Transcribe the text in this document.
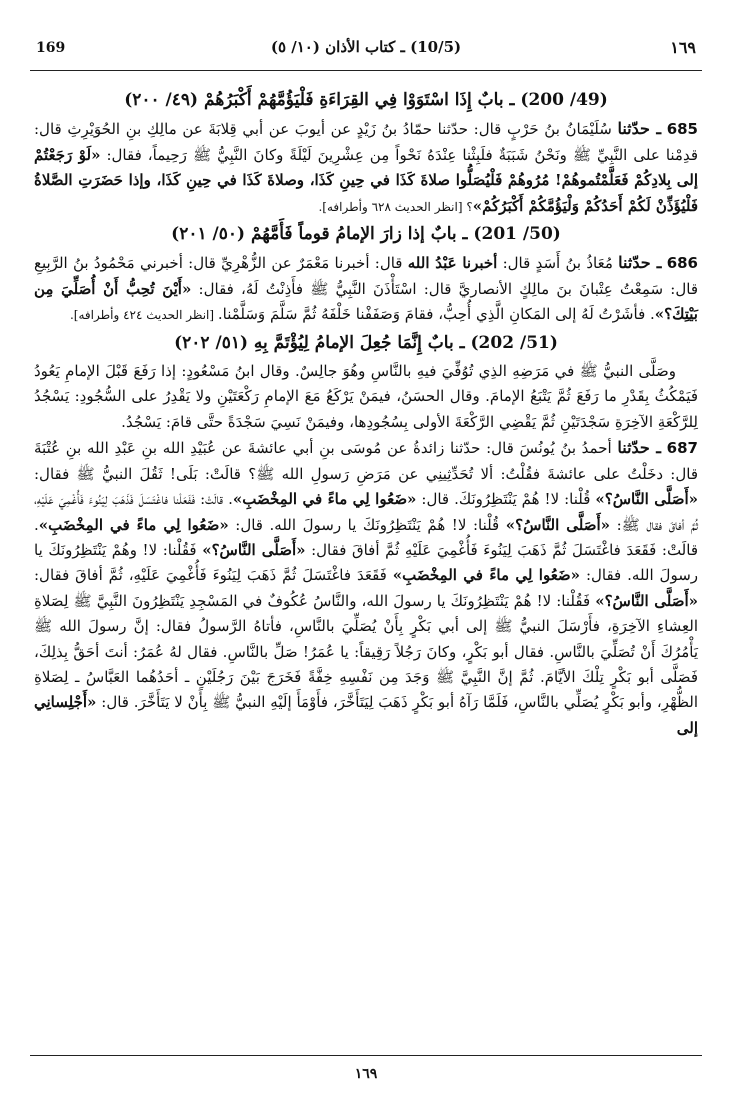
169	(10/5) ـ كتاب الأذان (١٠/ ٥)	١٦٩
(49/ 200) ـ بابٌ إِذَا اسْتَوَوْا فِي القِرَاءَةِ فَلْيَؤُمَّهُمْ أَكْبَرُهُمْ (٤٩/ ٢٠٠)

685 ـ حدّثنا سُلَيْمَانُ بنُ حَرْبٍ قال: حدّثنا حمّادُ بنُ زَيْدٍ عن أيوبَ عن أبي قِلابَةَ عن مالِكِ بنِ الحُوَيْرِثِ قال: قدِمْنا على النَّبِيِّ ﷺ ونَحْنُ شَبَبَةٌ فلَبِثْنا عِنْدَهُ نَحْواً مِن عِشْرِينَ لَيْلَةً وكانَ النَّبِيُّ ﷺ رَحِيماً، فقال: «لَوْ رَجَعْتُمْ إلى بِلادِكُمْ فَعَلَّمْتُموهُمْ! مُرُوهُمْ فَلْيُصَلُّوا صلاةَ كَذَا في حِينِ كَذَا، وصلاةَ كَذَا في حِينِ كَذَا، وإذا حَضَرَتِ الصَّلاةُ فَلْيُؤَذِّنْ لَكُمْ أَحَدُكُمْ وَلْيَؤُمَّكُمْ أَكْبَرُكُمْ»؟ [انظر الحديث ٦٢٨ وأطرافه].

(50/ 201) ـ بابٌ إذا زارَ الإمامُ قوماً فَأَمَّهُمْ (٥٠/ ٢٠١)

686 ـ حدّثنا مُعَاذُ بنُ أَسَدٍ قال: أخبرنا عَبْدُ الله قال: أخبرنا مَعْمَرٌ عن الزُّهْرِيِّ قال: أخبرني مَحْمُودُ بنُ الرَّبِيعِ قال: سَمِعْتُ عِتْبانَ بنَ مالِكٍ الأنصاريَّ قال: اسْتَأْذَنَ النَّبِيُّ ﷺ فأَذِنْتُ لَهُ، فقال: «أَيْنَ تُحِبُّ أَنْ أُصَلِّيَ مِن بَيْتِكَ؟». فأشَرْتُ لَهُ إلى المَكانِ الَّذِي أُحِبُّ، فقامَ وَصَفَفْنا خَلْفَهُ ثُمَّ سَلَّمَ وَسَلَّمْنا. [انظر الحديث ٤٢٤ وأطرافه].

(51/ 202) ـ بابٌ إِنَّمَا جُعِلَ الإمامُ لِيُؤْتَمَّ بِهِ (٥١/ ٢٠٢)

وصَلَّى النبيُّ ﷺ في مَرَضِهِ الذِي تُوُفِّيَ فيهِ بالنَّاسِ وهُوَ جالِسٌ. وقال ابنُ مَسْعُودٍ: إذا رَفَعَ قَبْلَ الإمامِ يَعُودُ فَيَمْكُثُ بِقَدْرِ ما رَفَعَ ثُمَّ يَتْبَعُ الإمامَ. وقال الحسَنُ، فيمَنْ يَرْكَعُ مَعَ الإمامِ رَكْعَتَيْنِ ولا يَقْدِرُ على السُّجُودِ: يَسْجُدُ لِلرَّكْعَةِ الآخِرَةِ سَجْدَتَيْنِ ثُمَّ يَقْضِي الرَّكْعَةَ الأولى بِسُجُودِها، وفيمَنْ نَسِيَ سَجْدَةً حتَّى قامَ: يَسْجُدُ.

687 ـ حدّثنا أحمدُ بنُ يُونُسَ قال: حدّثنا زائدةُ عن مُوسَى بنِ أبي عائشةَ عن عُبَيْدِ الله بنِ عَبْدِ الله بنِ عُتْبَةَ قال: دخَلْتُ على عائشةَ فقُلْتُ: ألا تُحَدِّثِينِي عن مَرَضِ رَسولِ الله ﷺ؟ قالَتْ: بَلَى! ثَقُلَ النبيُّ ﷺ فقال: «أَصَلَّى النَّاسُ؟» قُلْنا: لا! هُمْ يَنْتَظِرُونَكَ. قال: «ضَعُوا لِي ماءً في المِخْضَبِ». قالَتْ: فَفَعَلْنا فاغْتَسَلَ فَذَهَبَ لِيَنُوءَ فَأُغْمِيَ عَلَيْهِ، ثُمَّ أفاقَ فقال ﷺ: «أَصَلَّى النَّاسُ؟» قُلْنا: لا! هُمْ يَنْتَظِرُونَكَ يا رسولَ الله. قال: «ضَعُوا لِي ماءً في المِخْضَبِ». قالَتْ: فَقَعَدَ فاغْتَسَلَ ثُمَّ ذَهَبَ لِيَنُوءَ فَأُغْمِيَ عَلَيْهِ ثُمَّ أفاقَ فقال: «أَصَلَّى النَّاسُ؟» فَقُلْنا: لا! وهُمْ يَنْتَظِرُونَكَ يا رسولَ الله. فقال: «ضَعُوا لِي ماءً في المِخْضَبِ» فَقَعَدَ فاغْتَسَلَ ثُمَّ ذَهَبَ لِيَنُوءَ فَأُغْمِيَ عَلَيْهِ، ثُمَّ أفاقَ فقال: «أَصَلَّى النَّاسُ؟» فَقُلْنا: لا! هُمْ يَنْتَظِرُونَكَ يا رسولَ الله، والنَّاسُ عُكُوفٌ في المَسْجِدِ يَنْتَظِرُونَ النَّبِيَّ ﷺ لِصَلاةِ العِشاءِ الآخِرَةِ، فأَرْسَلَ النبيُّ ﷺ إلى أبي بَكْرٍ بِأَنْ يُصَلِّيَ بالنَّاسِ، فأتاهُ الرَّسولُ فقال: إنَّ رسولَ الله ﷺ يَأْمُرُكَ أَنْ تُصَلِّيَ بالنَّاسِ. فقال أبو بَكْرٍ، وكانَ رَجُلاً رَقِيقاً: يا عُمَرُ! صَلِّ بالنَّاسِ. فقال لهُ عُمَرُ: أنتَ أحَقُّ بِذلِكَ، فَصَلَّى أبو بَكْرٍ تِلْكَ الأيَّامَ. ثُمَّ إنَّ النَّبِيَّ ﷺ وَجَدَ مِن نَفْسِهِ خِفَّةً فَخَرَجَ بَيْنَ رَجُلَيْنِ ـ أحَدُهُما العَبَّاسُ ـ لِصَلاةِ الظُّهْرِ، وأبو بَكْرٍ يُصَلِّي بالنَّاسِ، فَلَمَّا رَآهُ أبو بَكْرٍ ذَهَبَ لِيَتَأَخَّرَ، فأَوْمَأَ إلَيْهِ النبيُّ ﷺ بِأَنْ لا يَتَأَخَّرَ. قال: «أَجْلِسانِي إلى

١٦٩
